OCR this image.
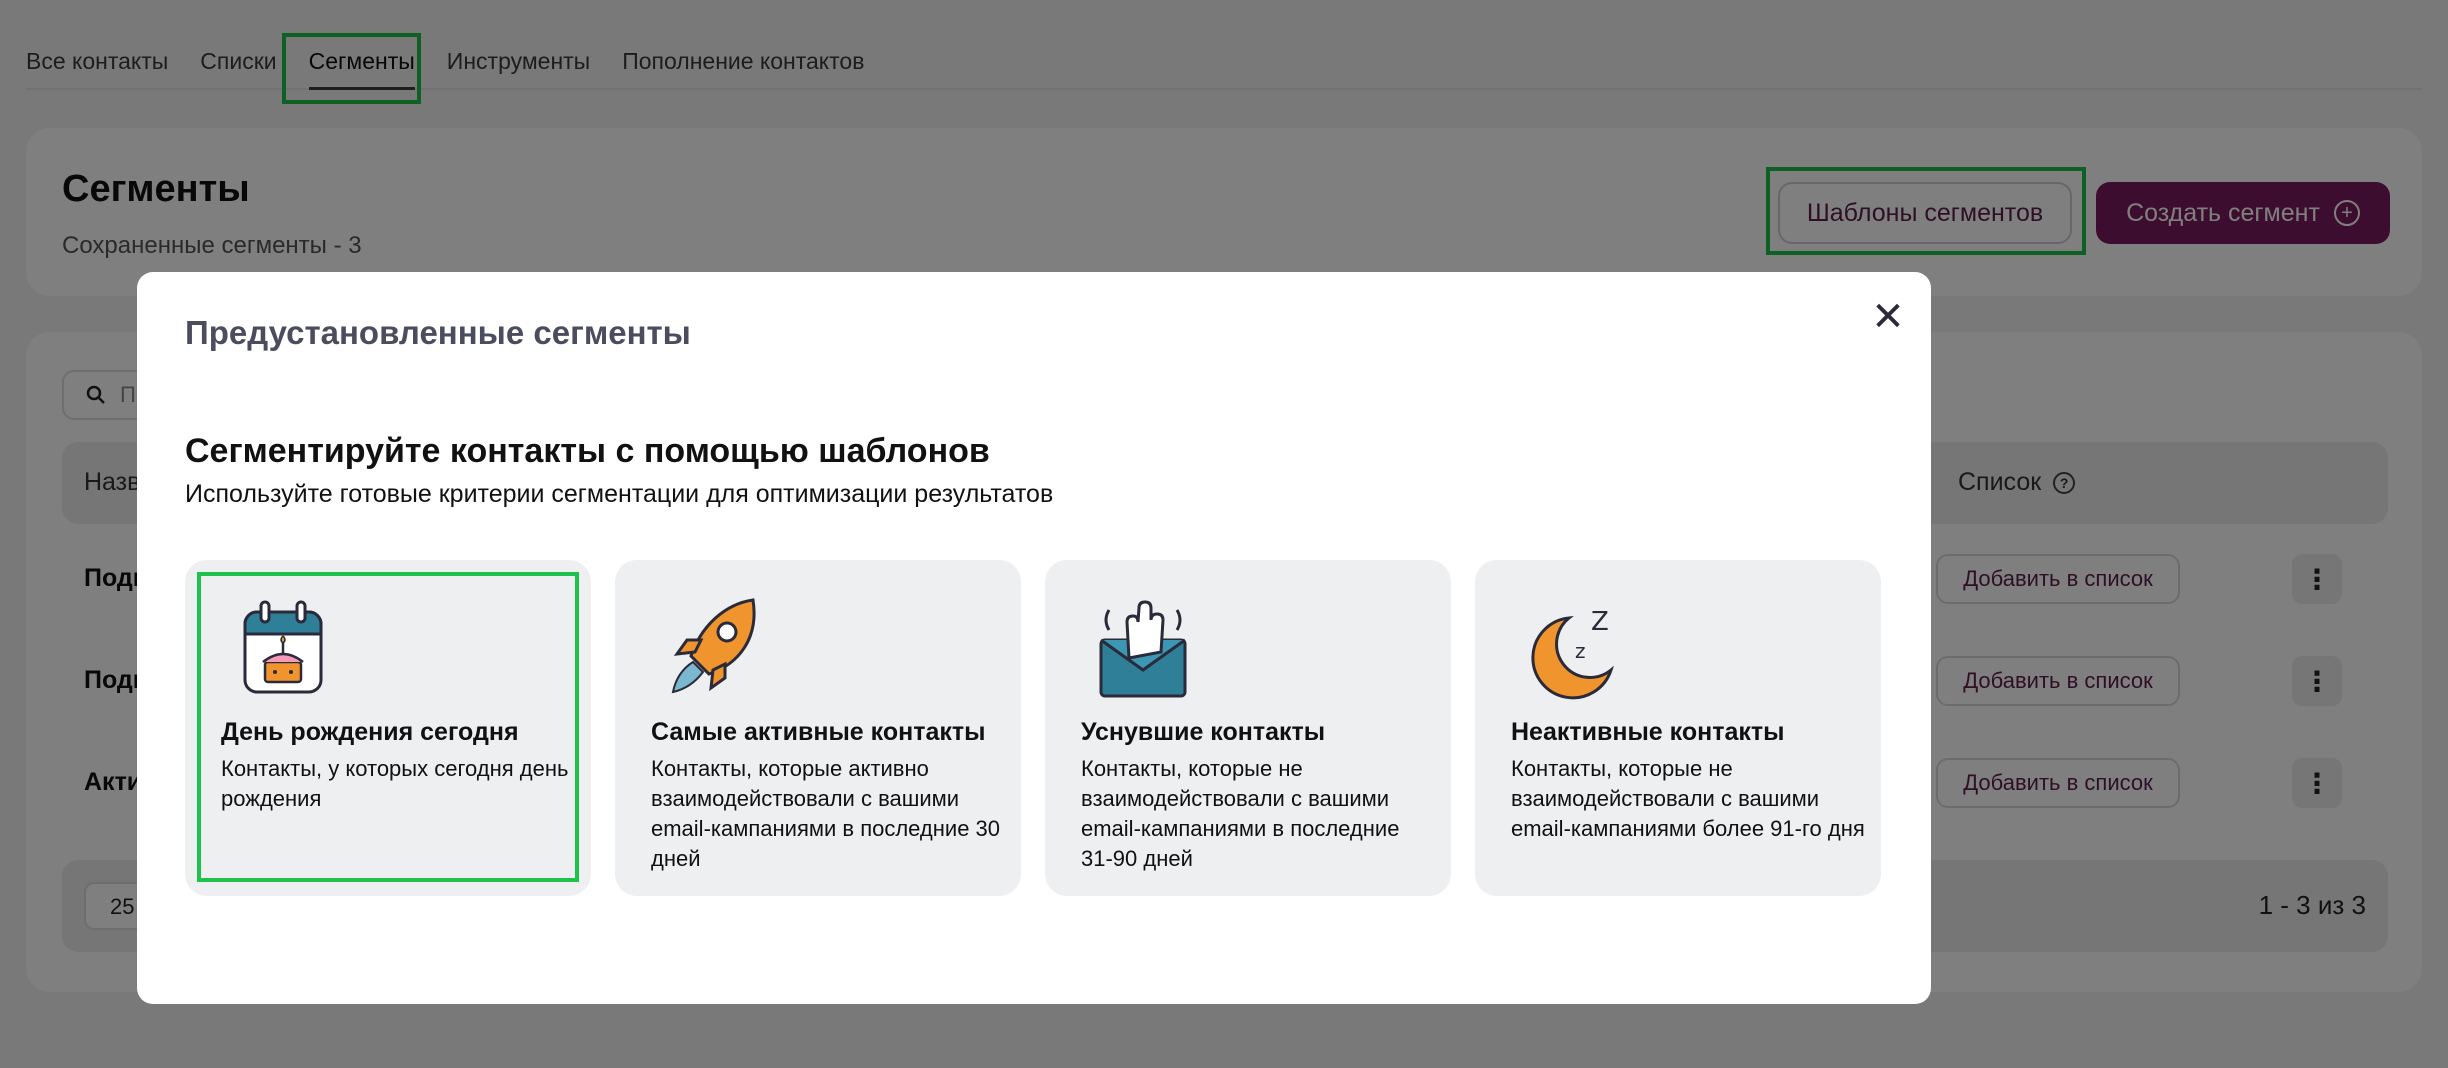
Предустановленные сегменты	✕
Сегментируйте контакты с помощью шаблонов
Используйте готовые критерии сегментации для оптимизации результатов
День рождения сегодня
Контакты, у которых сегодня день рождения
Самые активные контакты
Контакты, которые активно взаимодействовали с вашими email-кампаниями в последние 30 дней
Уснувшие контакты
Контакты, которые не взаимодействовали с вашими email-кампаниями в последние 31-90 дней
z
Z
Неактивные контакты
Контакты, которые не взаимодействовали с вашими email-кампаниями более 91-го дня
